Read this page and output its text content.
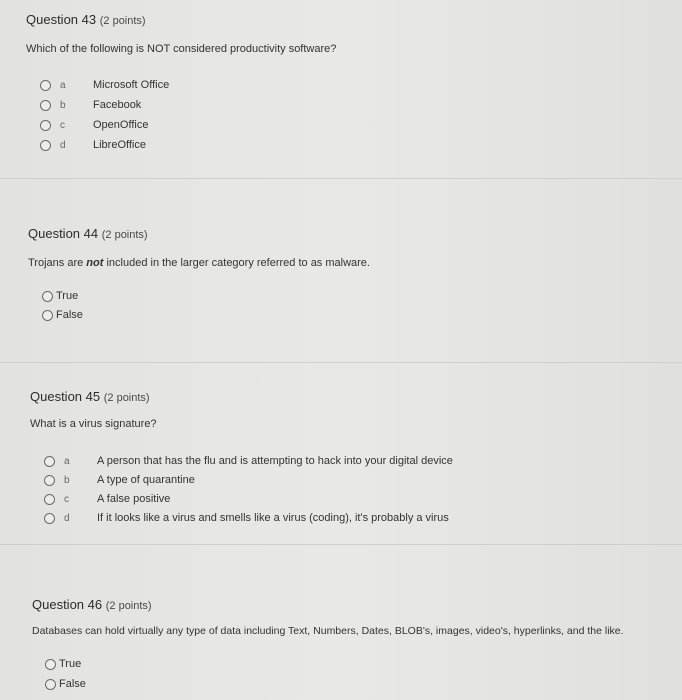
Question 43 (2 points)
Which of the following is NOT considered productivity software?
a	Microsoft Office
b	Facebook
c	OpenOffice
d	LibreOffice
Question 44 (2 points)
Trojans are not included in the larger category referred to as malware.
True
False
Question 45 (2 points)
What is a virus signature?
a	A person that has the flu and is attempting to hack into your digital device
b	A type of quarantine
c	A false positive
d	If it looks like a virus and smells like a virus (coding), it's probably a virus
Question 46 (2 points)
Databases can hold virtually any type of data including Text, Numbers, Dates, BLOB's, images, video's, hyperlinks, and the like.
True
False
